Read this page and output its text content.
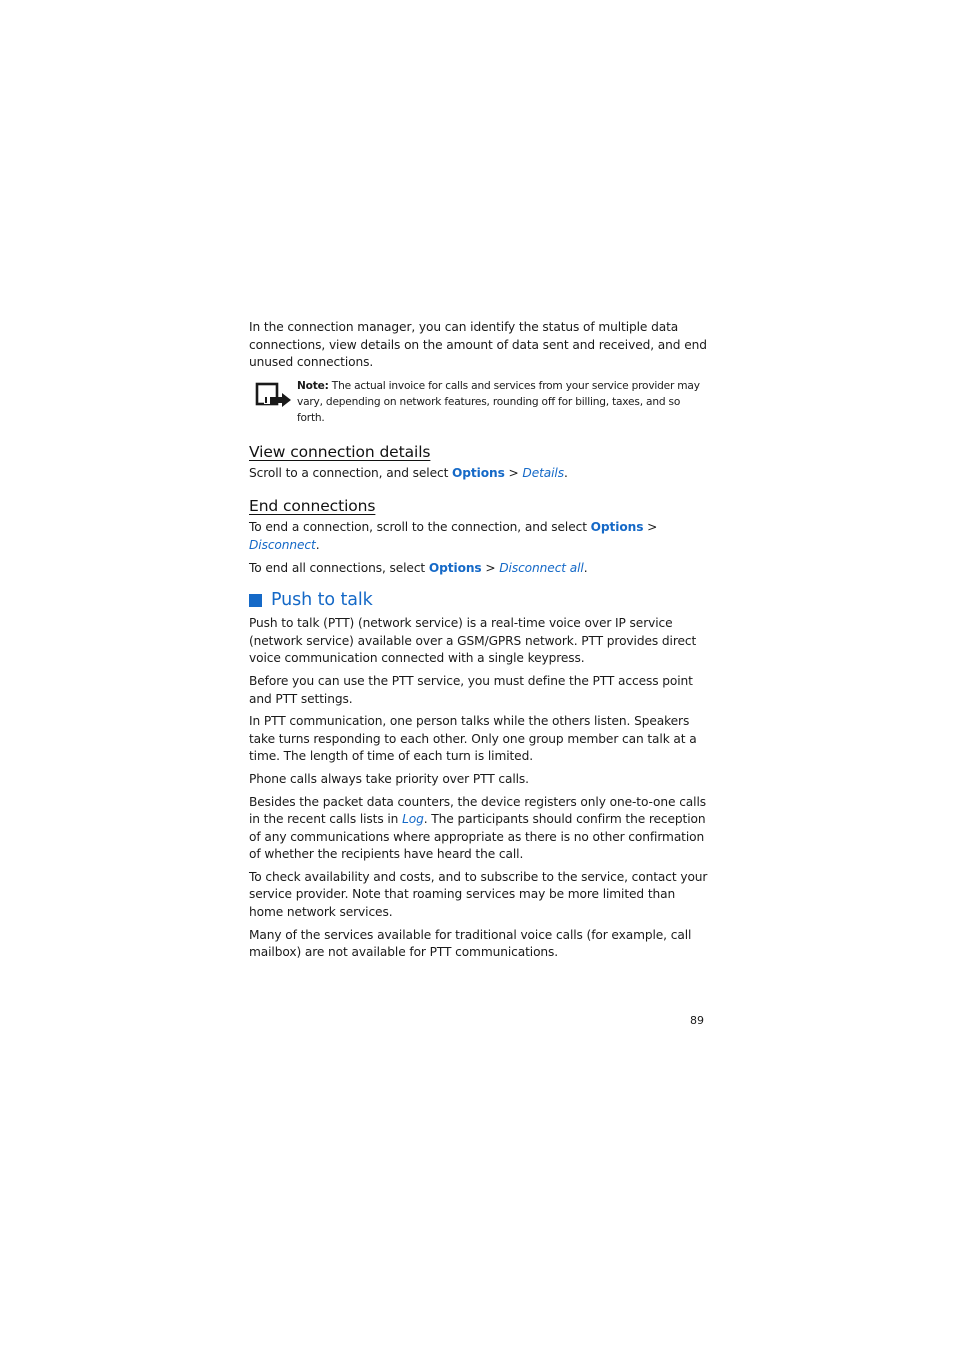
In the connection manager, you can identify the status of multiple data connections, view details on the amount of data sent and received, and end unused connections.

Note: The actual invoice for calls and services from your service provider may vary, depending on network features, rounding off for billing, taxes, and so forth.
View connection details

Scroll to a connection, and select Options > Details.

End connections

To end a connection, scroll to the connection, and select Options > Disconnect.

To end all connections, select Options > Disconnect all.

Push to talk

Push to talk (PTT) (network service) is a real-time voice over IP service (network service) available over a GSM/GPRS network. PTT provides direct voice communication connected with a single keypress.

Before you can use the PTT service, you must define the PTT access point and PTT settings.

In PTT communication, one person talks while the others listen. Speakers take turns responding to each other. Only one group member can talk at a time. The length of time of each turn is limited.

Phone calls always take priority over PTT calls.

Besides the packet data counters, the device registers only one-to-one calls in the recent calls lists in Log. The participants should confirm the reception of any communications where appropriate as there is no other confirmation of whether the recipients have heard the call.

To check availability and costs, and to subscribe to the service, contact your service provider. Note that roaming services may be more limited than home network services.

Many of the services available for traditional voice calls (for example, call mailbox) are not available for PTT communications.

89
